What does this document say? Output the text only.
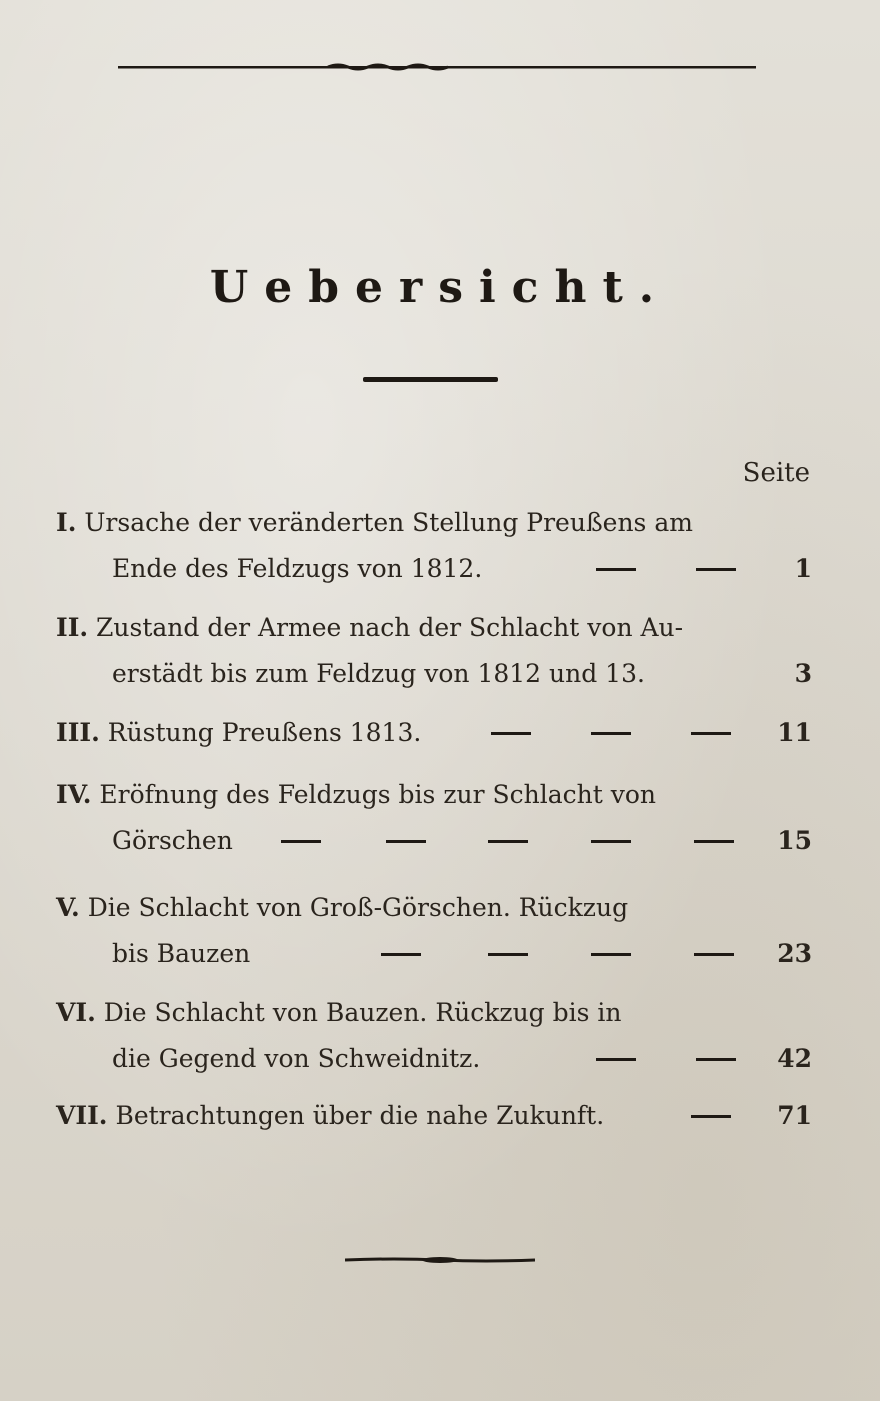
Uebersicht.
Seite
I. Ursache der veränderten Stellung Preußens am
Ende des Feldzugs von 1812.	1
II. Zustand der Armee nach der Schlacht von Au-
erstädt bis zum Feldzug von 1812 und 13.	3
III. Rüstung Preußens 1813.	11
IV. Eröfnung des Feldzugs bis zur Schlacht von
Görschen	15
V. Die Schlacht von Groß-Görschen. Rückzug
bis Bauzen	23
VI. Die Schlacht von Bauzen. Rückzug bis in
die Gegend von Schweidnitz.	42
VII. Betrachtungen über die nahe Zukunft.	71
